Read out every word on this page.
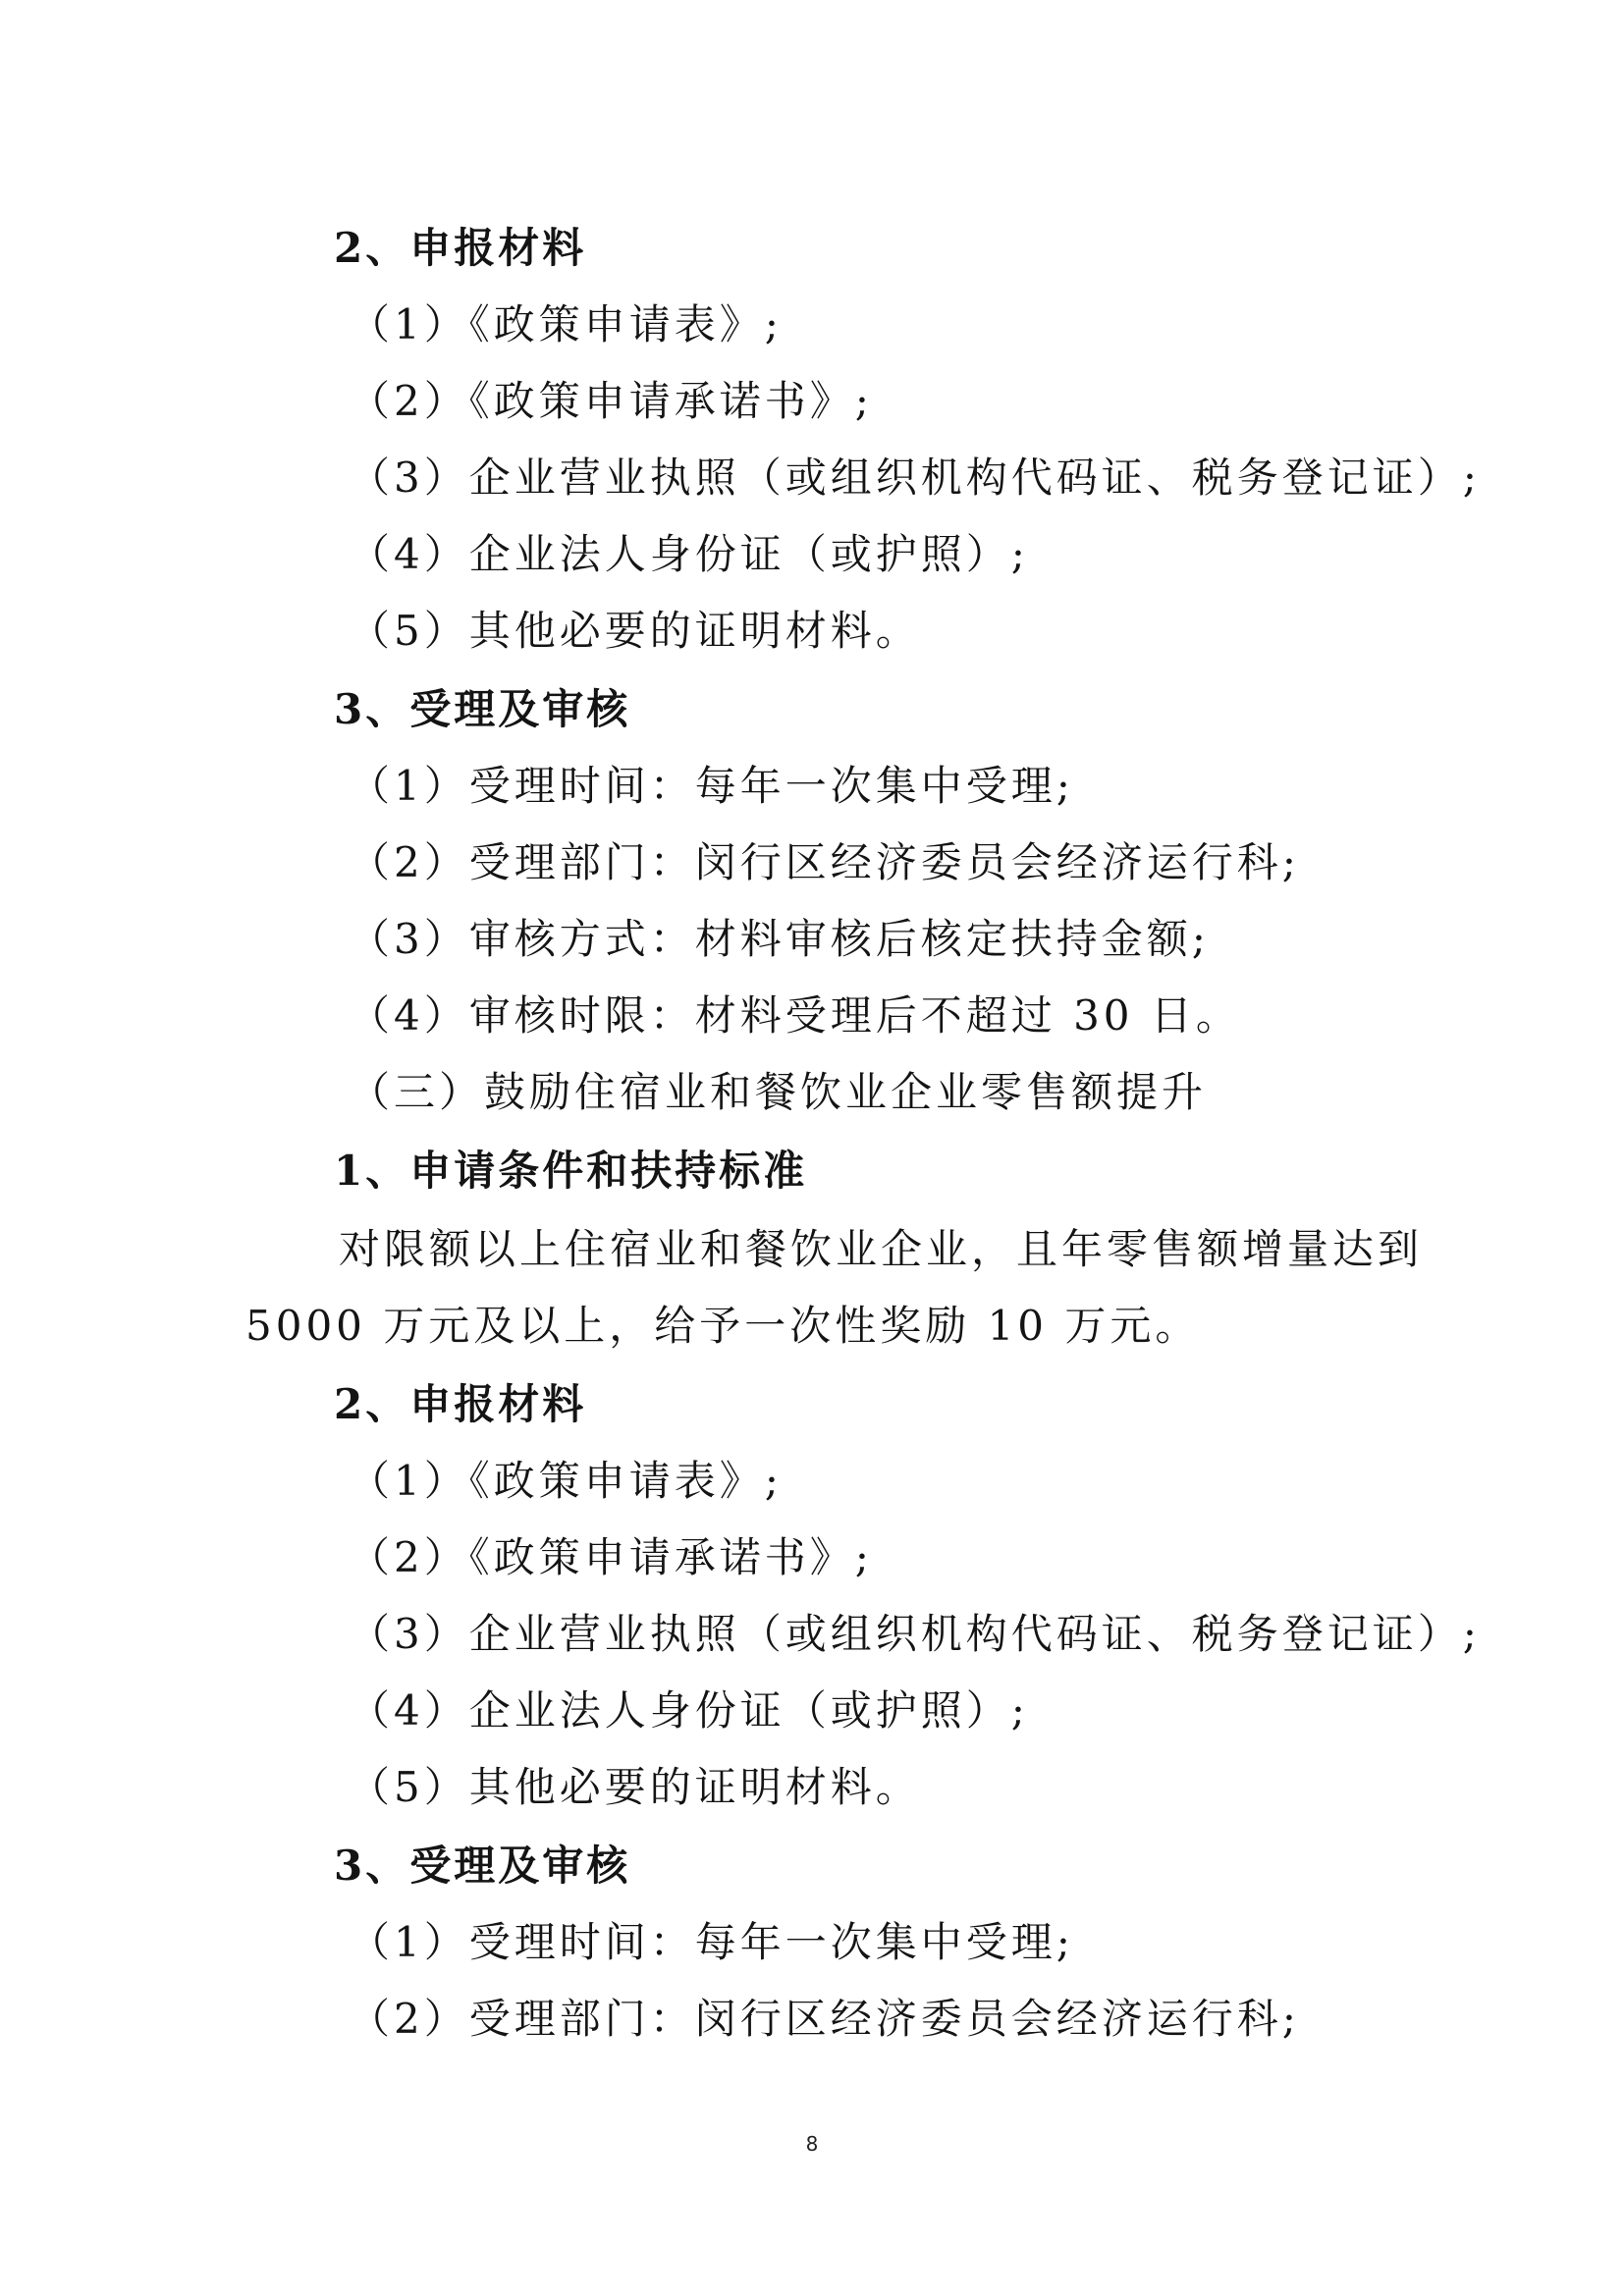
2、申报材料
（1）《政策申请表》;
（2）《政策申请承诺书》;
（3）企业营业执照（或组织机构代码证、税务登记证）;
（4）企业法人身份证（或护照）;
（5）其他必要的证明材料。
3、受理及审核
（1）受理时间：每年一次集中受理;
（2）受理部门：闵行区经济委员会经济运行科;
（3）审核方式：材料审核后核定扶持金额;
（4）审核时限：材料受理后不超过 30 日。
（三）鼓励住宿业和餐饮业企业零售额提升
1、申请条件和扶持标准
对限额以上住宿业和餐饮业企业，且年零售额增量达到
5000 万元及以上，给予一次性奖励 10 万元。
2、申报材料
（1）《政策申请表》;
（2）《政策申请承诺书》;
（3）企业营业执照（或组织机构代码证、税务登记证）;
（4）企业法人身份证（或护照）;
（5）其他必要的证明材料。
3、受理及审核
（1）受理时间：每年一次集中受理;
（2）受理部门：闵行区经济委员会经济运行科;
8
